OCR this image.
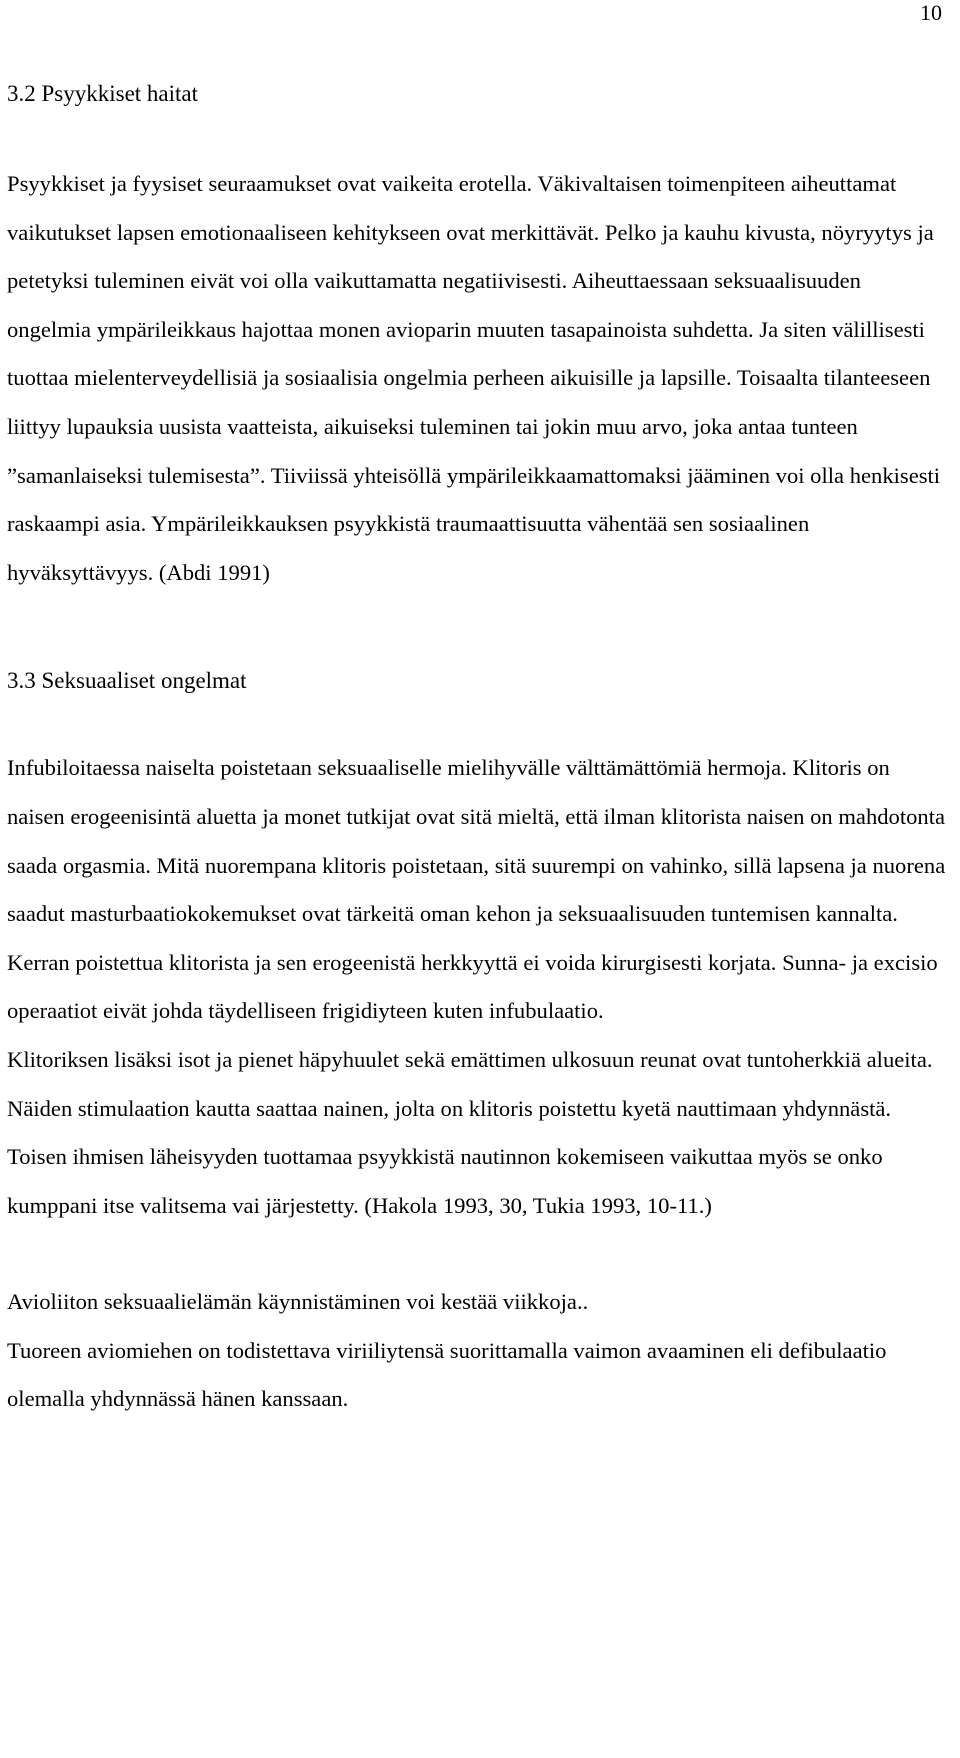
10
3.2 Psyykkiset haitat

Psyykkiset ja fyysiset seuraamukset ovat vaikeita erotella. Väkivaltaisen toimenpiteen aiheuttamat vaikutukset lapsen emotionaaliseen kehitykseen ovat merkittävät. Pelko ja kauhu kivusta, nöyryytys ja petetyksi tuleminen eivät voi olla vaikuttamatta negatiivisesti. Aiheuttaessaan seksuaalisuuden ongelmia ympärileikkaus hajottaa monen avioparin muuten tasapainoista suhdetta. Ja siten välillisesti tuottaa mielenterveydellisiä ja sosiaalisia ongelmia perheen aikuisille ja lapsille. Toisaalta tilanteeseen liittyy lupauksia uusista vaatteista, aikuiseksi tuleminen tai jokin muu arvo, joka antaa tunteen ”samanlaiseksi tulemisesta”. Tiiviissä yhteisöllä ympärileikkaamattomaksi jääminen voi olla henkisesti raskaampi asia. Ympärileikkauksen psyykkistä traumaattisuutta vähentää sen sosiaalinen hyväksyttävyys. (Abdi 1991)

3.3 Seksuaaliset ongelmat

Infubiloitaessa naiselta poistetaan seksuaaliselle mielihyvälle välttämättömiä hermoja. Klitoris on naisen erogeenisintä aluetta ja monet tutkijat ovat sitä mieltä, että ilman klitorista naisen on mahdotonta saada orgasmia. Mitä nuorempana klitoris poistetaan, sitä suurempi on vahinko, sillä lapsena ja nuorena saadut masturbaatiokokemukset ovat tärkeitä oman kehon ja seksuaalisuuden tuntemisen kannalta. Kerran poistettua klitorista ja sen erogeenistä herkkyyttä ei voida kirurgisesti korjata. Sunna- ja excisio operaatiot eivät johda täydelliseen frigidiyteen kuten infubulaatio.

Klitoriksen lisäksi isot ja pienet häpyhuulet sekä emättimen ulkosuun reunat ovat tuntoherkkiä alueita. Näiden stimulaation kautta saattaa nainen, jolta on klitoris poistettu kyetä nauttimaan yhdynnästä. Toisen ihmisen läheisyyden tuottamaa psyykkistä nautinnon kokemiseen vaikuttaa myös se onko kumppani itse valitsema vai järjestetty. (Hakola 1993, 30, Tukia 1993, 10-11.)

Avioliiton seksuaalielämän käynnistäminen voi kestää viikkoja..

Tuoreen aviomiehen on todistettava viriiliytensä suorittamalla vaimon avaaminen eli defibulaatio olemalla yhdynnässä hänen kanssaan.
